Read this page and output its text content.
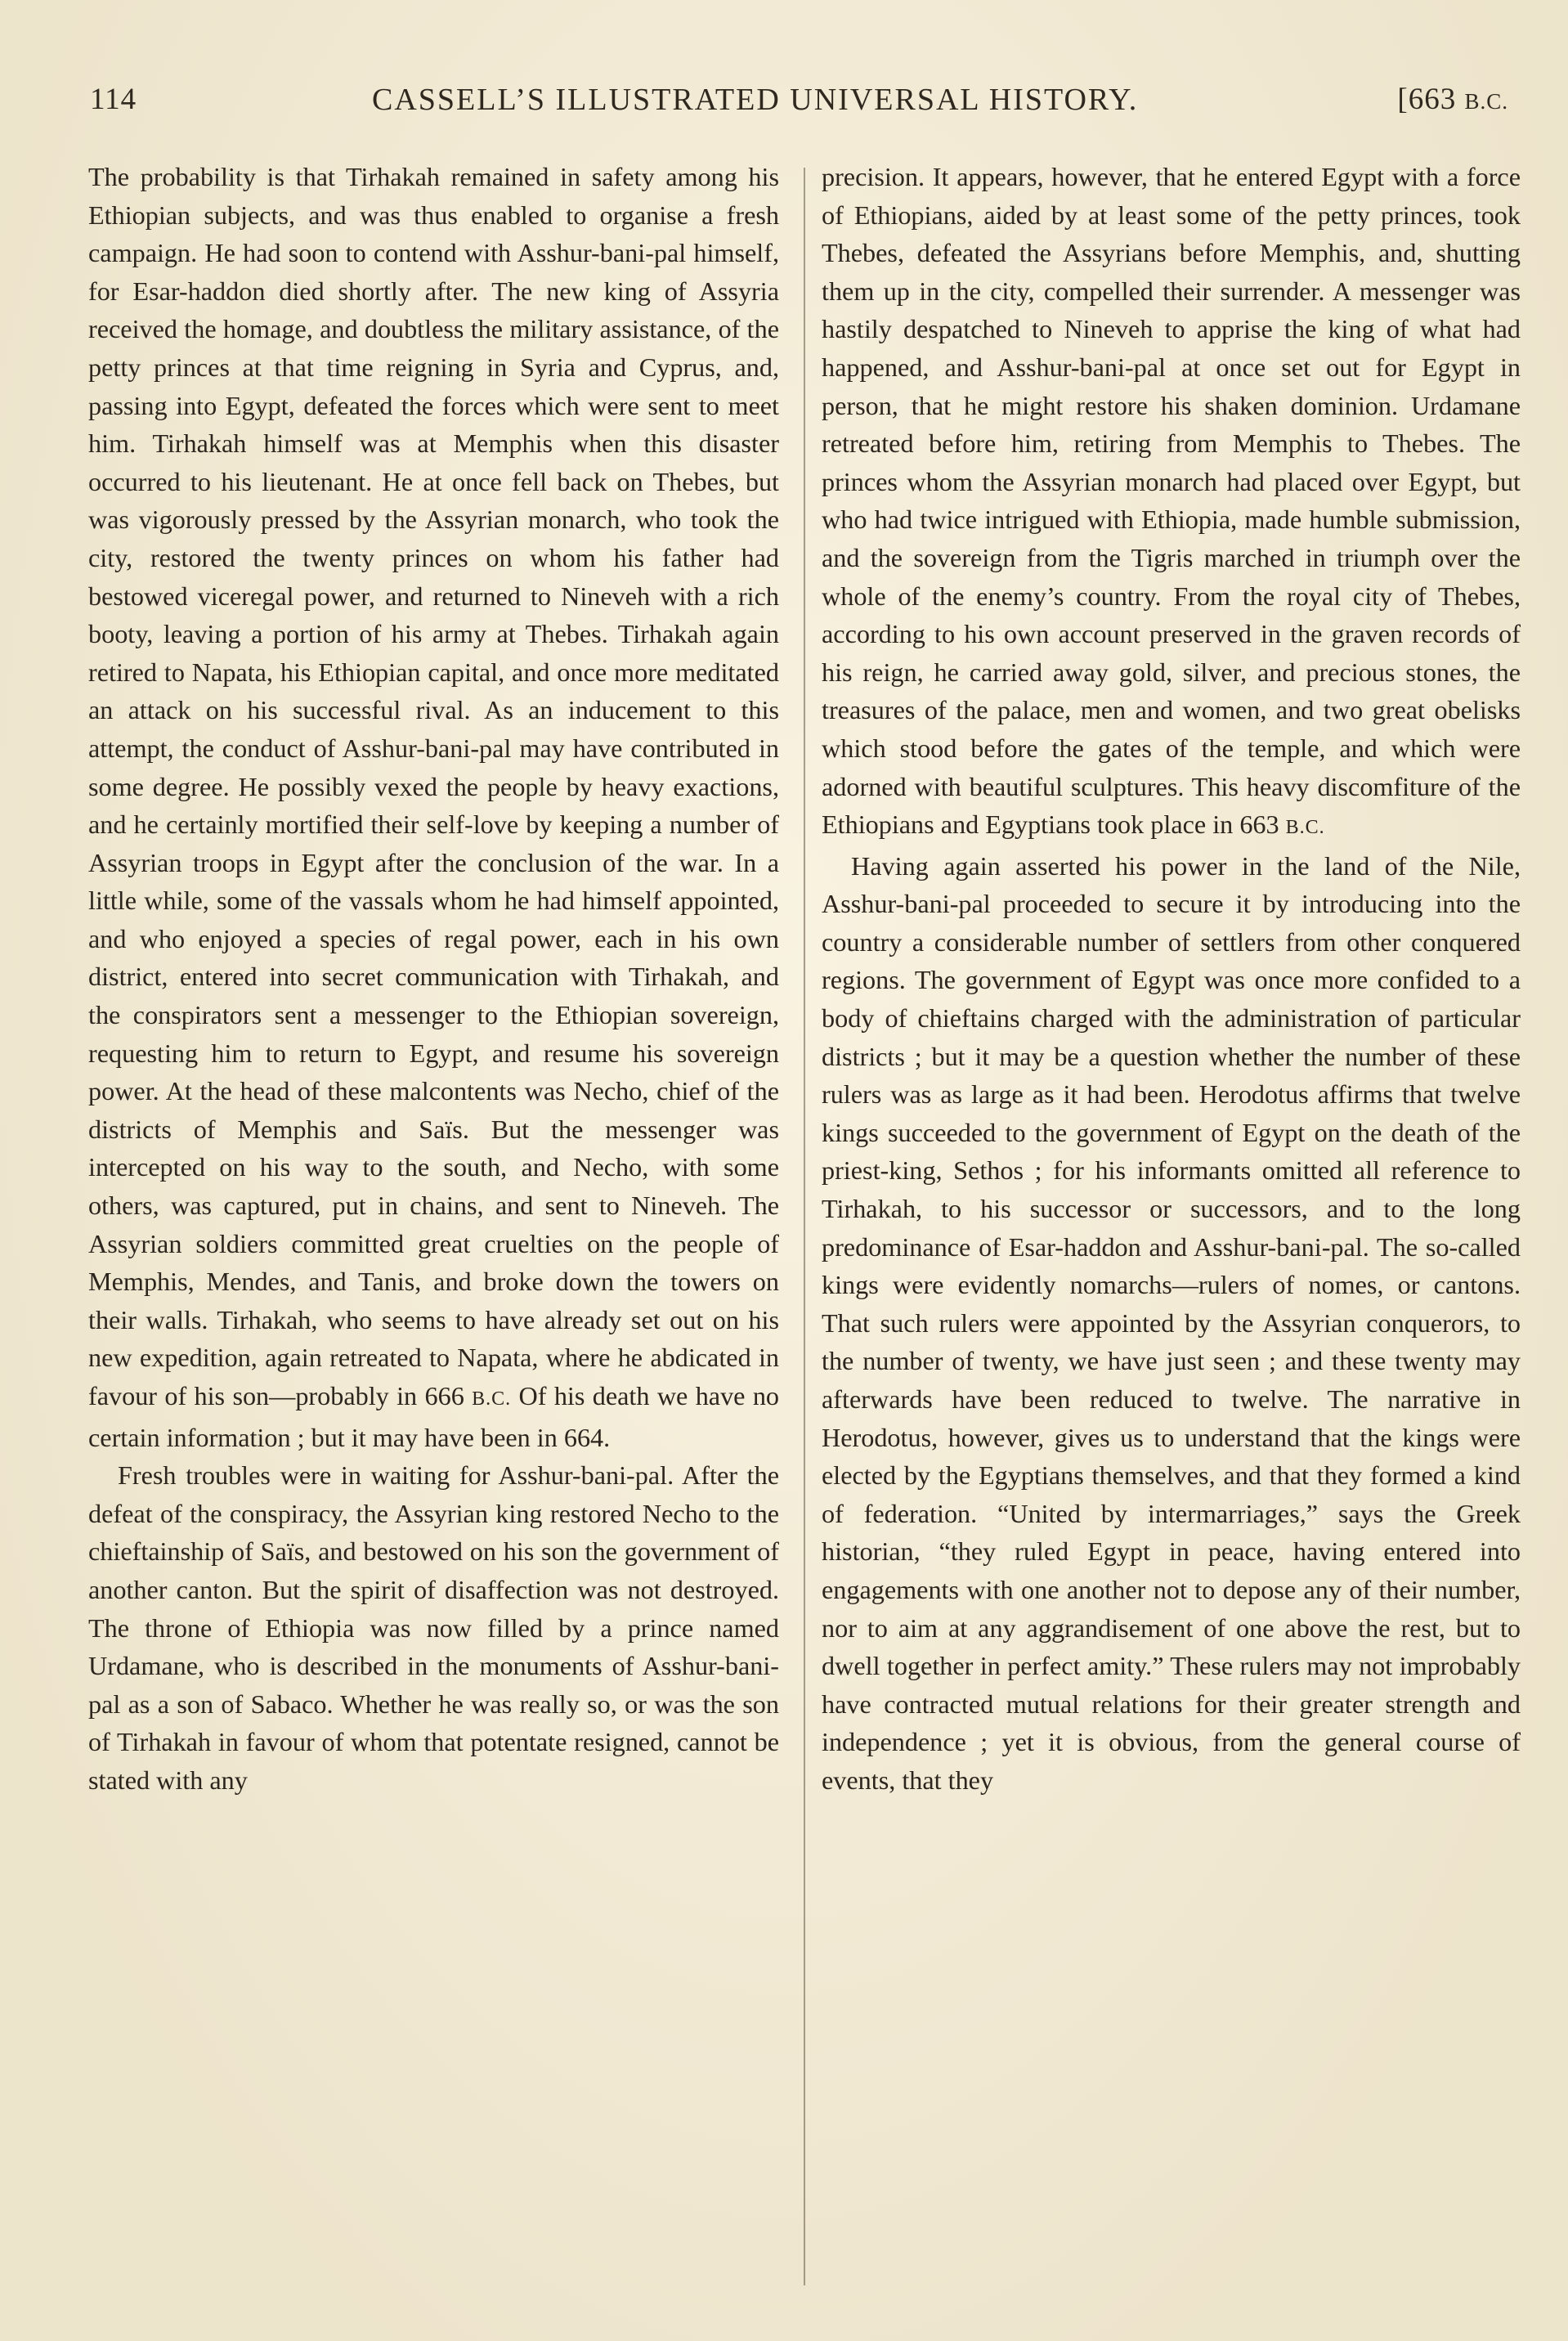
114	CASSELL’S ILLUSTRATED UNIVERSAL HISTORY.	[663 B.C.

The probability is that Tirhakah remained in safety among his Ethiopian subjects, and was thus enabled to organise a fresh campaign. He had soon to contend with Asshur-bani-pal himself, for Esar-haddon died shortly after. The new king of Assyria received the homage, and doubtless the military assistance, of the petty princes at that time reigning in Syria and Cyprus, and, passing into Egypt, defeated the forces which were sent to meet him. Tirhakah himself was at Memphis when this disaster occurred to his lieutenant. He at once fell back on Thebes, but was vigorously pressed by the Assyrian monarch, who took the city, restored the twenty princes on whom his father had bestowed viceregal power, and returned to Nineveh with a rich booty, leaving a portion of his army at Thebes. Tirhakah again retired to Napata, his Ethiopian capital, and once more meditated an attack on his successful rival. As an inducement to this attempt, the conduct of Asshur-bani-pal may have contributed in some degree. He possibly vexed the people by heavy exactions, and he certainly mortified their self-love by keeping a number of Assyrian troops in Egypt after the conclusion of the war. In a little while, some of the vassals whom he had himself appointed, and who enjoyed a species of regal power, each in his own district, entered into secret communication with Tirhakah, and the conspirators sent a messenger to the Ethiopian sovereign, requesting him to return to Egypt, and resume his sovereign power. At the head of these malcontents was Necho, chief of the districts of Memphis and Saïs. But the messenger was intercepted on his way to the south, and Necho, with some others, was captured, put in chains, and sent to Nineveh. The Assyrian soldiers committed great cruelties on the people of Memphis, Mendes, and Tanis, and broke down the towers on their walls. Tirhakah, who seems to have already set out on his new expedition, again retreated to Napata, where he abdicated in favour of his son—probably in 666 B.C. Of his death we have no certain information ; but it may have been in 664.

Fresh troubles were in waiting for Asshur-bani-pal. After the defeat of the conspiracy, the Assyrian king restored Necho to the chieftainship of Saïs, and bestowed on his son the government of another canton. But the spirit of disaffection was not destroyed. The throne of Ethiopia was now filled by a prince named Urdamane, who is described in the monuments of Asshur-bani-pal as a son of Sabaco. Whether he was really so, or was the son of Tirhakah in favour of whom that potentate resigned, cannot be stated with any

precision. It appears, however, that he entered Egypt with a force of Ethiopians, aided by at least some of the petty princes, took Thebes, defeated the Assyrians before Memphis, and, shutting them up in the city, compelled their surrender. A messenger was hastily despatched to Nineveh to apprise the king of what had happened, and Asshur-bani-pal at once set out for Egypt in person, that he might restore his shaken dominion. Urdamane retreated before him, retiring from Memphis to Thebes. The princes whom the Assyrian monarch had placed over Egypt, but who had twice intrigued with Ethiopia, made humble submission, and the sovereign from the Tigris marched in triumph over the whole of the enemy’s country. From the royal city of Thebes, according to his own account preserved in the graven records of his reign, he carried away gold, silver, and precious stones, the treasures of the palace, men and women, and two great obelisks which stood before the gates of the temple, and which were adorned with beautiful sculptures. This heavy discomfiture of the Ethiopians and Egyptians took place in 663 B.C.

Having again asserted his power in the land of the Nile, Asshur-bani-pal proceeded to secure it by introducing into the country a considerable number of settlers from other conquered regions. The government of Egypt was once more confided to a body of chieftains charged with the administration of particular districts ; but it may be a question whether the number of these rulers was as large as it had been. Herodotus affirms that twelve kings succeeded to the government of Egypt on the death of the priest-king, Sethos ; for his informants omitted all reference to Tirhakah, to his successor or successors, and to the long predominance of Esar-haddon and Asshur-bani-pal. The so-called kings were evidently nomarchs—rulers of nomes, or cantons. That such rulers were appointed by the Assyrian conquerors, to the number of twenty, we have just seen ; and these twenty may afterwards have been reduced to twelve. The narrative in Herodotus, however, gives us to understand that the kings were elected by the Egyptians themselves, and that they formed a kind of federation. “United by intermarriages,” says the Greek historian, “they ruled Egypt in peace, having entered into engagements with one another not to depose any of their number, nor to aim at any aggrandisement of one above the rest, but to dwell together in perfect amity.” These rulers may not improbably have contracted mutual relations for their greater strength and independence ; yet it is obvious, from the general course of events, that they
